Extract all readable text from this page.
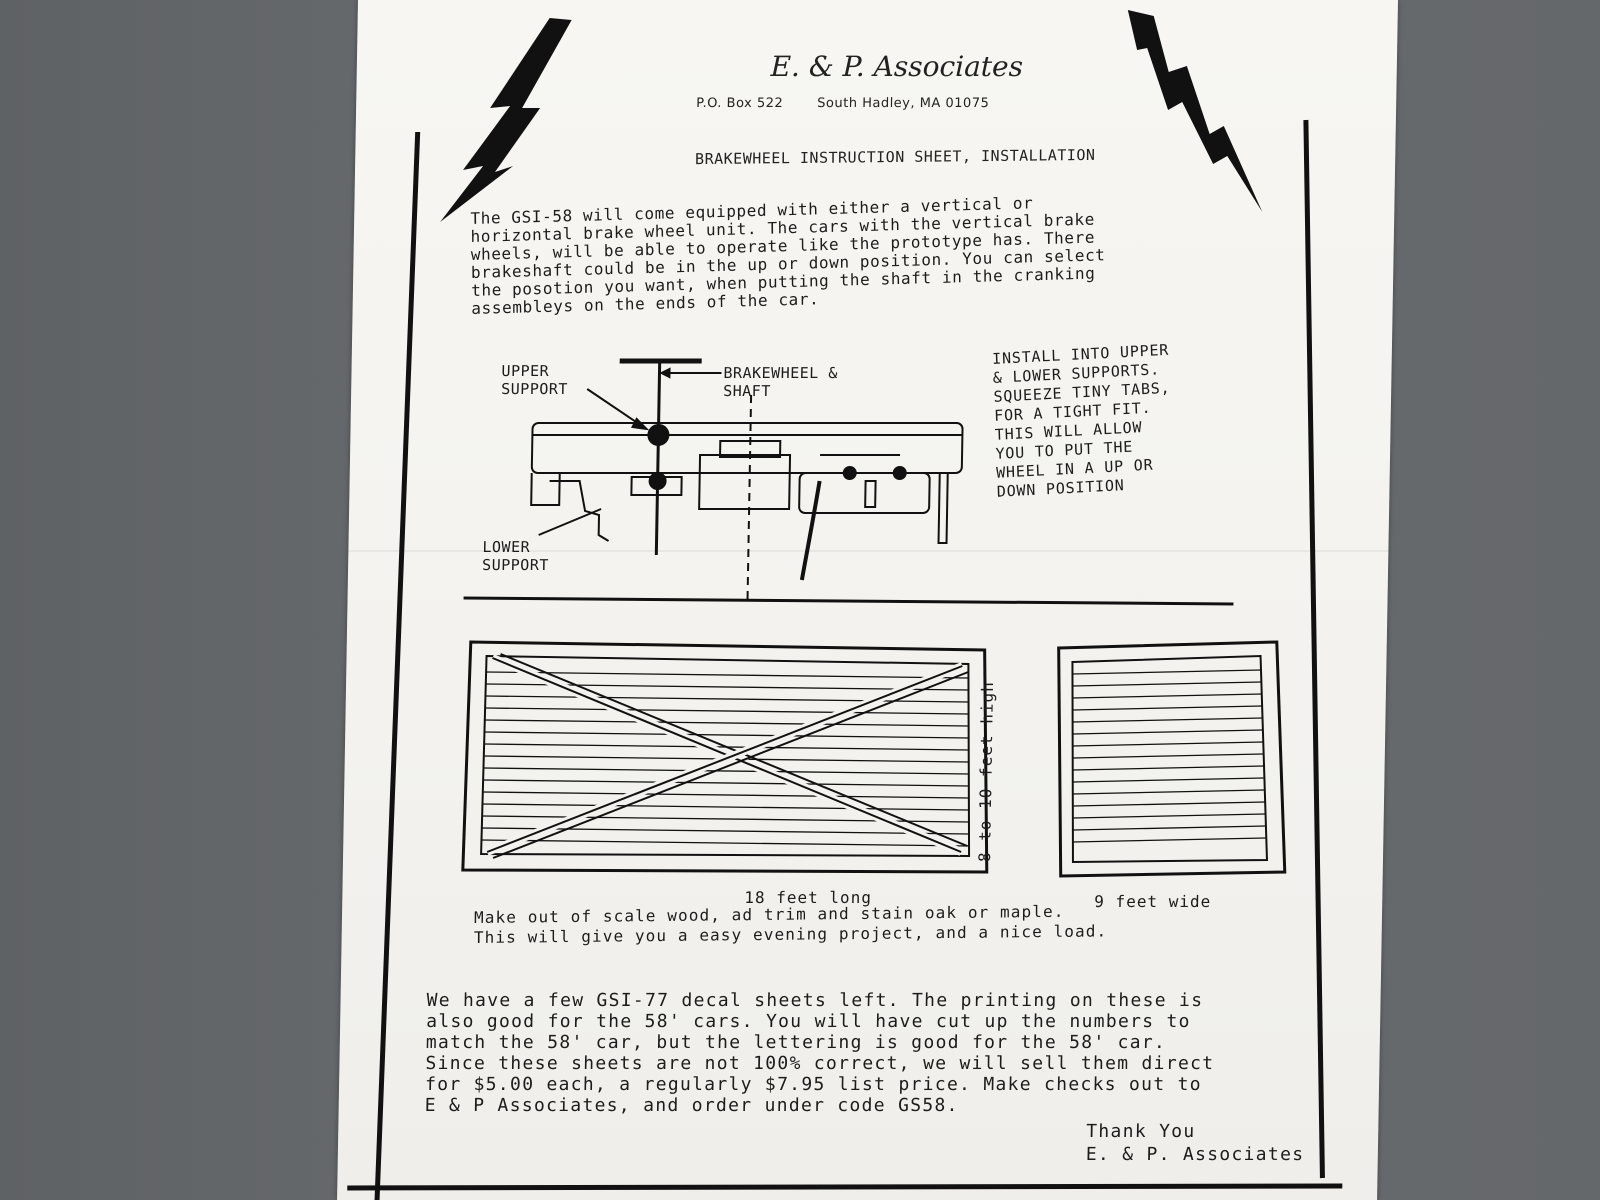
E. & P. Associates
P.O. Box 522	South Hadley, MA 01075
BRAKEWHEEL INSTRUCTION SHEET, INSTALLATION
The GSI-58 will come equipped with either a vertical or
horizontal brake wheel unit. The cars with the vertical brake
wheels, will be able to operate like the prototype has. There
brakeshaft could be in the up or down position. You can select
the posotion you want, when putting the shaft in the cranking
assembleys on the ends of the car.
UPPER
SUPPORT
BRAKEWHEEL &
SHAFT
LOWER
SUPPORT
INSTALL INTO UPPER
& LOWER SUPPORTS.
SQUEEZE TINY TABS,
FOR A TIGHT FIT.
THIS WILL ALLOW
YOU TO PUT THE
WHEEL IN A UP OR
DOWN POSITION
8 to 10 feet high
18 feet long	9 feet wide
Make out of scale wood, ad trim and stain oak or maple.
This will give you a easy evening project, and a nice load.
We have a few GSI-77 decal sheets left. The printing on these is
also good for the 58' cars. You will have cut up the numbers to
match the 58' car, but the lettering is good for the 58' car.
Since these sheets are not 100% correct, we will sell them direct
for $5.00 each, a regularly $7.95 list price. Make checks out to
E & P Associates, and order under code GS58.
Thank You
E. & P. Associates
